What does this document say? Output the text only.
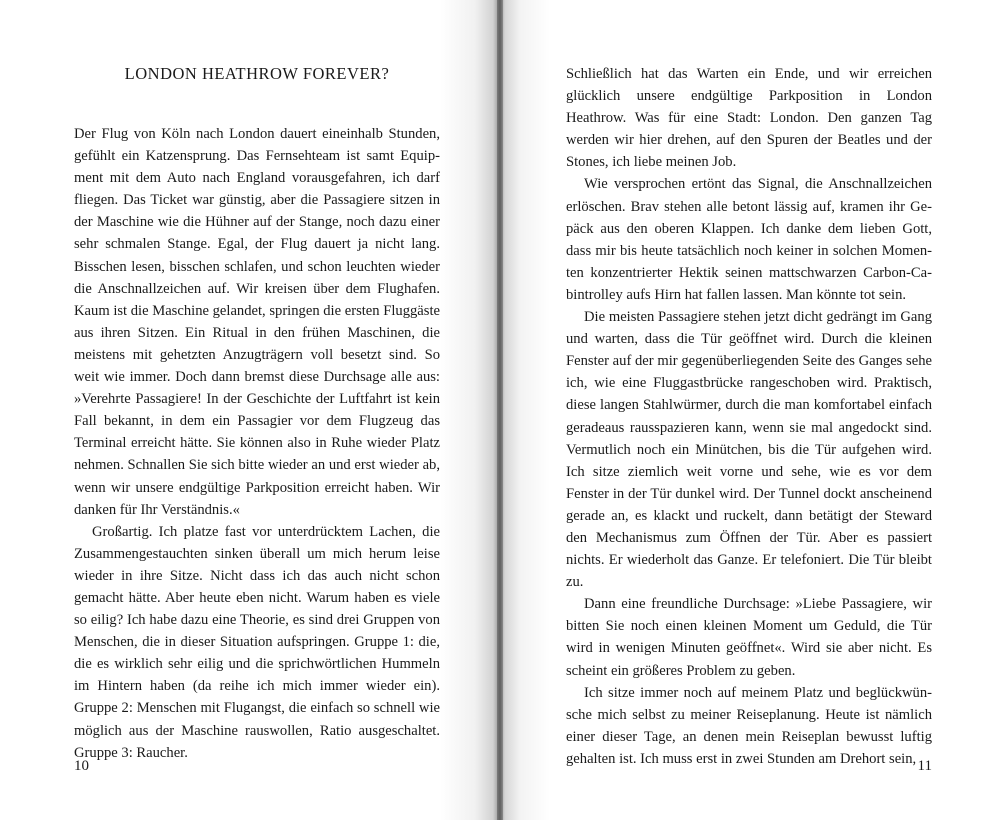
LONDON HEATHROW FOREVER?

Der Flug von Köln nach London dauert eineinhalb Stunden, gefühlt ein Katzensprung. Das Fernsehteam ist samt Equipment mit dem Auto nach England vorausgefahren, ich darf fliegen. Das Ticket war günstig, aber die Passagiere sitzen in der Maschine wie die Hühner auf der Stange, noch dazu einer sehr schmalen Stange. Egal, der Flug dauert ja nicht lang. Bisschen lesen, bisschen schlafen, und schon leuchten wieder die Anschnallzeichen auf. Wir kreisen über dem Flughafen. Kaum ist die Maschine gelandet, springen die ersten Fluggäste aus ihren Sitzen. Ein Ritual in den frühen Maschinen, die meistens mit gehetzten Anzugträgern voll besetzt sind. So weit wie immer. Doch dann bremst diese Durchsage alle aus: »Verehrte Passagiere! In der Geschichte der Luftfahrt ist kein Fall bekannt, in dem ein Passagier vor dem Flugzeug das Terminal erreicht hätte. Sie können also in Ruhe wieder Platz nehmen. Schnallen Sie sich bitte wieder an und erst wieder ab, wenn wir unsere endgültige Parkposition erreicht haben. Wir danken für Ihr Verständnis.«

Großartig. Ich platze fast vor unterdrücktem Lachen, die Zusammengestauchten sinken überall um mich herum leise wieder in ihre Sitze. Nicht dass ich das auch nicht schon gemacht hätte. Aber heute eben nicht. Warum haben es viele so eilig? Ich habe dazu eine Theorie, es sind drei Gruppen von Menschen, die in dieser Situation aufspringen. Gruppe 1: die, die es wirklich sehr eilig und die sprichwörtlichen Hummeln im Hintern haben (da reihe ich mich immer wieder ein). Gruppe 2: Menschen mit Flugangst, die einfach so schnell wie möglich aus der Maschine rauswollen, Ratio ausgeschaltet. Gruppe 3: Raucher.

10

Schließlich hat das Warten ein Ende, und wir erreichen glücklich unsere endgültige Parkposition in London Heathrow. Was für eine Stadt: London. Den ganzen Tag werden wir hier drehen, auf den Spuren der Beatles und der Stones, ich liebe meinen Job.

Wie versprochen ertönt das Signal, die Anschnallzeichen erlöschen. Brav stehen alle betont lässig auf, kramen ihr Gepäck aus den oberen Klappen. Ich danke dem lieben Gott, dass mir bis heute tatsächlich noch keiner in solchen Momenten konzentrierter Hektik seinen mattschwarzen Carbon-Cabintrolley aufs Hirn hat fallen lassen. Man könnte tot sein.

Die meisten Passagiere stehen jetzt dicht gedrängt im Gang und warten, dass die Tür geöffnet wird. Durch die kleinen Fenster auf der mir gegenüberliegenden Seite des Ganges sehe ich, wie eine Fluggastbrücke rangeschoben wird. Praktisch, diese langen Stahlwürmer, durch die man komfortabel einfach geradeaus rausspazieren kann, wenn sie mal angedockt sind. Vermutlich noch ein Minütchen, bis die Tür aufgehen wird. Ich sitze ziemlich weit vorne und sehe, wie es vor dem Fenster in der Tür dunkel wird. Der Tunnel dockt anscheinend gerade an, es klackt und ruckelt, dann betätigt der Steward den Mechanismus zum Öffnen der Tür. Aber es passiert nichts. Er wiederholt das Ganze. Er telefoniert. Die Tür bleibt zu.

Dann eine freundliche Durchsage: »Liebe Passagiere, wir bitten Sie noch einen kleinen Moment um Geduld, die Tür wird in wenigen Minuten geöffnet«. Wird sie aber nicht. Es scheint ein größeres Problem zu geben.

Ich sitze immer noch auf meinem Platz und beglückwünsche mich selbst zu meiner Reiseplanung. Heute ist nämlich einer dieser Tage, an denen mein Reiseplan bewusst luftig gehalten ist. Ich muss erst in zwei Stunden am Drehort sein, 11
